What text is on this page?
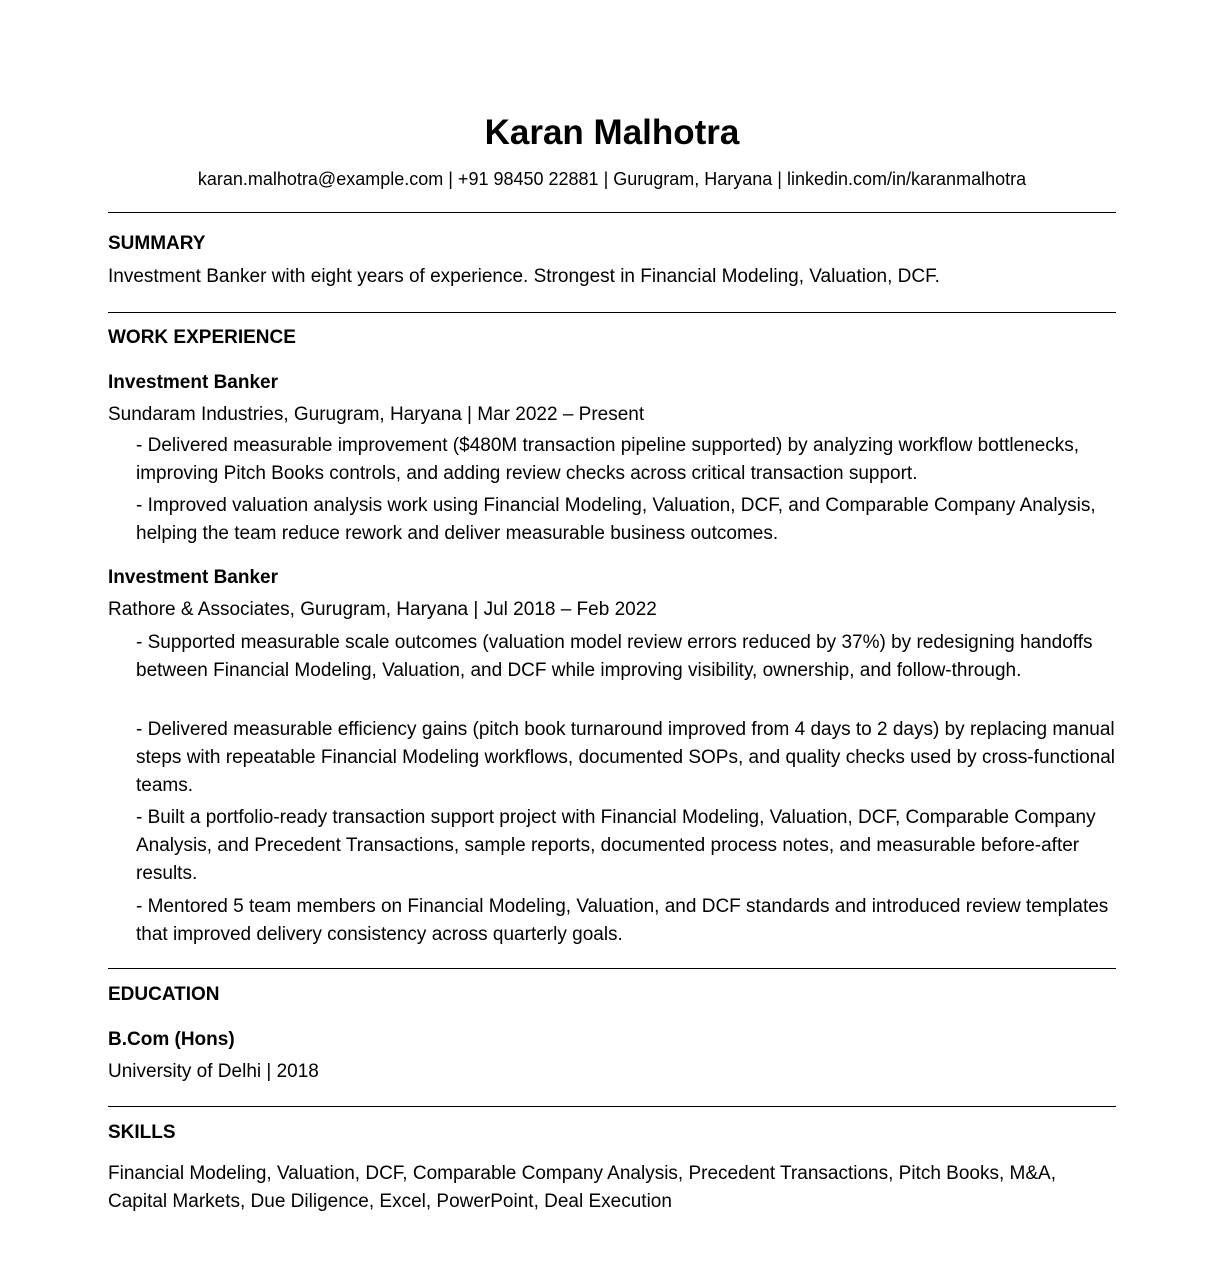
Karan Malhotra
karan.malhotra@example.com | +91 98450 22881 | Gurugram, Haryana | linkedin.com/in/karanmalhotra
SUMMARY
Investment Banker with eight years of experience. Strongest in Financial Modeling, Valuation, DCF.
WORK EXPERIENCE
Investment Banker
Sundaram Industries, Gurugram, Haryana | Mar 2022 – Present
- Delivered measurable improvement ($480M transaction pipeline supported) by analyzing workflow bottlenecks, improving Pitch Books controls, and adding review checks across critical transaction support.
- Improved valuation analysis work using Financial Modeling, Valuation, DCF, and Comparable Company Analysis, helping the team reduce rework and deliver measurable business outcomes.
Investment Banker
Rathore & Associates, Gurugram, Haryana | Jul 2018 – Feb 2022
- Supported measurable scale outcomes (valuation model review errors reduced by 37%) by redesigning handoffs between Financial Modeling, Valuation, and DCF while improving visibility, ownership, and follow-through.
- Delivered measurable efficiency gains (pitch book turnaround improved from 4 days to 2 days) by replacing manual steps with repeatable Financial Modeling workflows, documented SOPs, and quality checks used by cross-functional teams.
- Built a portfolio-ready transaction support project with Financial Modeling, Valuation, DCF, Comparable Company Analysis, and Precedent Transactions, sample reports, documented process notes, and measurable before-after results.
- Mentored 5 team members on Financial Modeling, Valuation, and DCF standards and introduced review templates that improved delivery consistency across quarterly goals.
EDUCATION
B.Com (Hons)
University of Delhi | 2018
SKILLS
Financial Modeling, Valuation, DCF, Comparable Company Analysis, Precedent Transactions, Pitch Books, M&A, Capital Markets, Due Diligence, Excel, PowerPoint, Deal Execution
